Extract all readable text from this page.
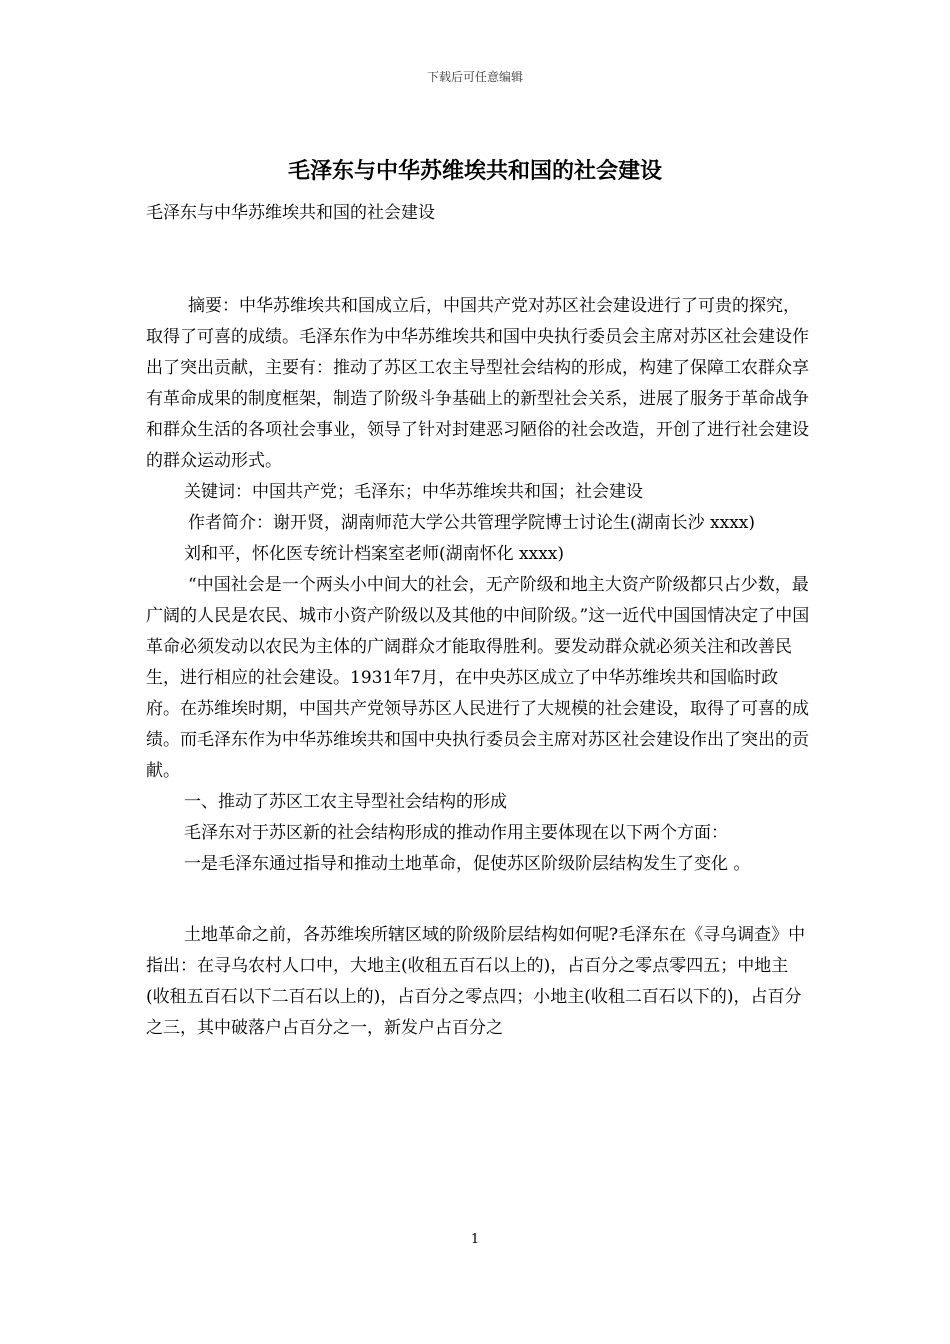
下载后可任意编辑
毛泽东与中华苏维埃共和国的社会建设

毛泽东与中华苏维埃共和国的社会建设

摘要：中华苏维埃共和国成立后，中国共产党对苏区社会建设进行了可贵的探究，取得了可喜的成绩。毛泽东作为中华苏维埃共和国中央执行委员会主席对苏区社会建设作出了突出贡献，主要有：推动了苏区工农主导型社会结构的形成，构建了保障工农群众享有革命成果的制度框架，制造了阶级斗争基础上的新型社会关系，进展了服务于革命战争和群众生活的各项社会事业，领导了针对封建恶习陋俗的社会改造，开创了进行社会建设的群众运动形式。

关键词：中国共产党；毛泽东；中华苏维埃共和国；社会建设

作者简介：谢开贤，湖南师范大学公共管理学院博士讨论生(湖南长沙 xxxx)

刘和平，怀化医专统计档案室老师(湖南怀化 xxxx)

“中国社会是一个两头小中间大的社会，无产阶级和地主大资产阶级都只占少数，最广阔的人民是农民、城市小资产阶级以及其他的中间阶级。”这一近代中国国情决定了中国革命必须发动以农民为主体的广阔群众才能取得胜利。要发动群众就必须关注和改善民生，进行相应的社会建设。1931年7月，在中央苏区成立了中华苏维埃共和国临时政府。在苏维埃时期，中国共产党领导苏区人民进行了大规模的社会建设，取得了可喜的成绩。而毛泽东作为中华苏维埃共和国中央执行委员会主席对苏区社会建设作出了突出的贡献。

一、推动了苏区工农主导型社会结构的形成

毛泽东对于苏区新的社会结构形成的推动作用主要体现在以下两个方面：

一是毛泽东通过指导和推动土地革命，促使苏区阶级阶层结构发生了变化 。

土地革命之前，各苏维埃所辖区域的阶级阶层结构如何呢?毛泽东在《寻乌调查》中指出：在寻乌农村人口中，大地主(收租五百石以上的)，占百分之零点零四五；中地主(收租五百石以下二百石以上的)，占百分之零点四；小地主(收租二百石以下的)，占百分之三，其中破落户占百分之一，新发户占百分之

1
